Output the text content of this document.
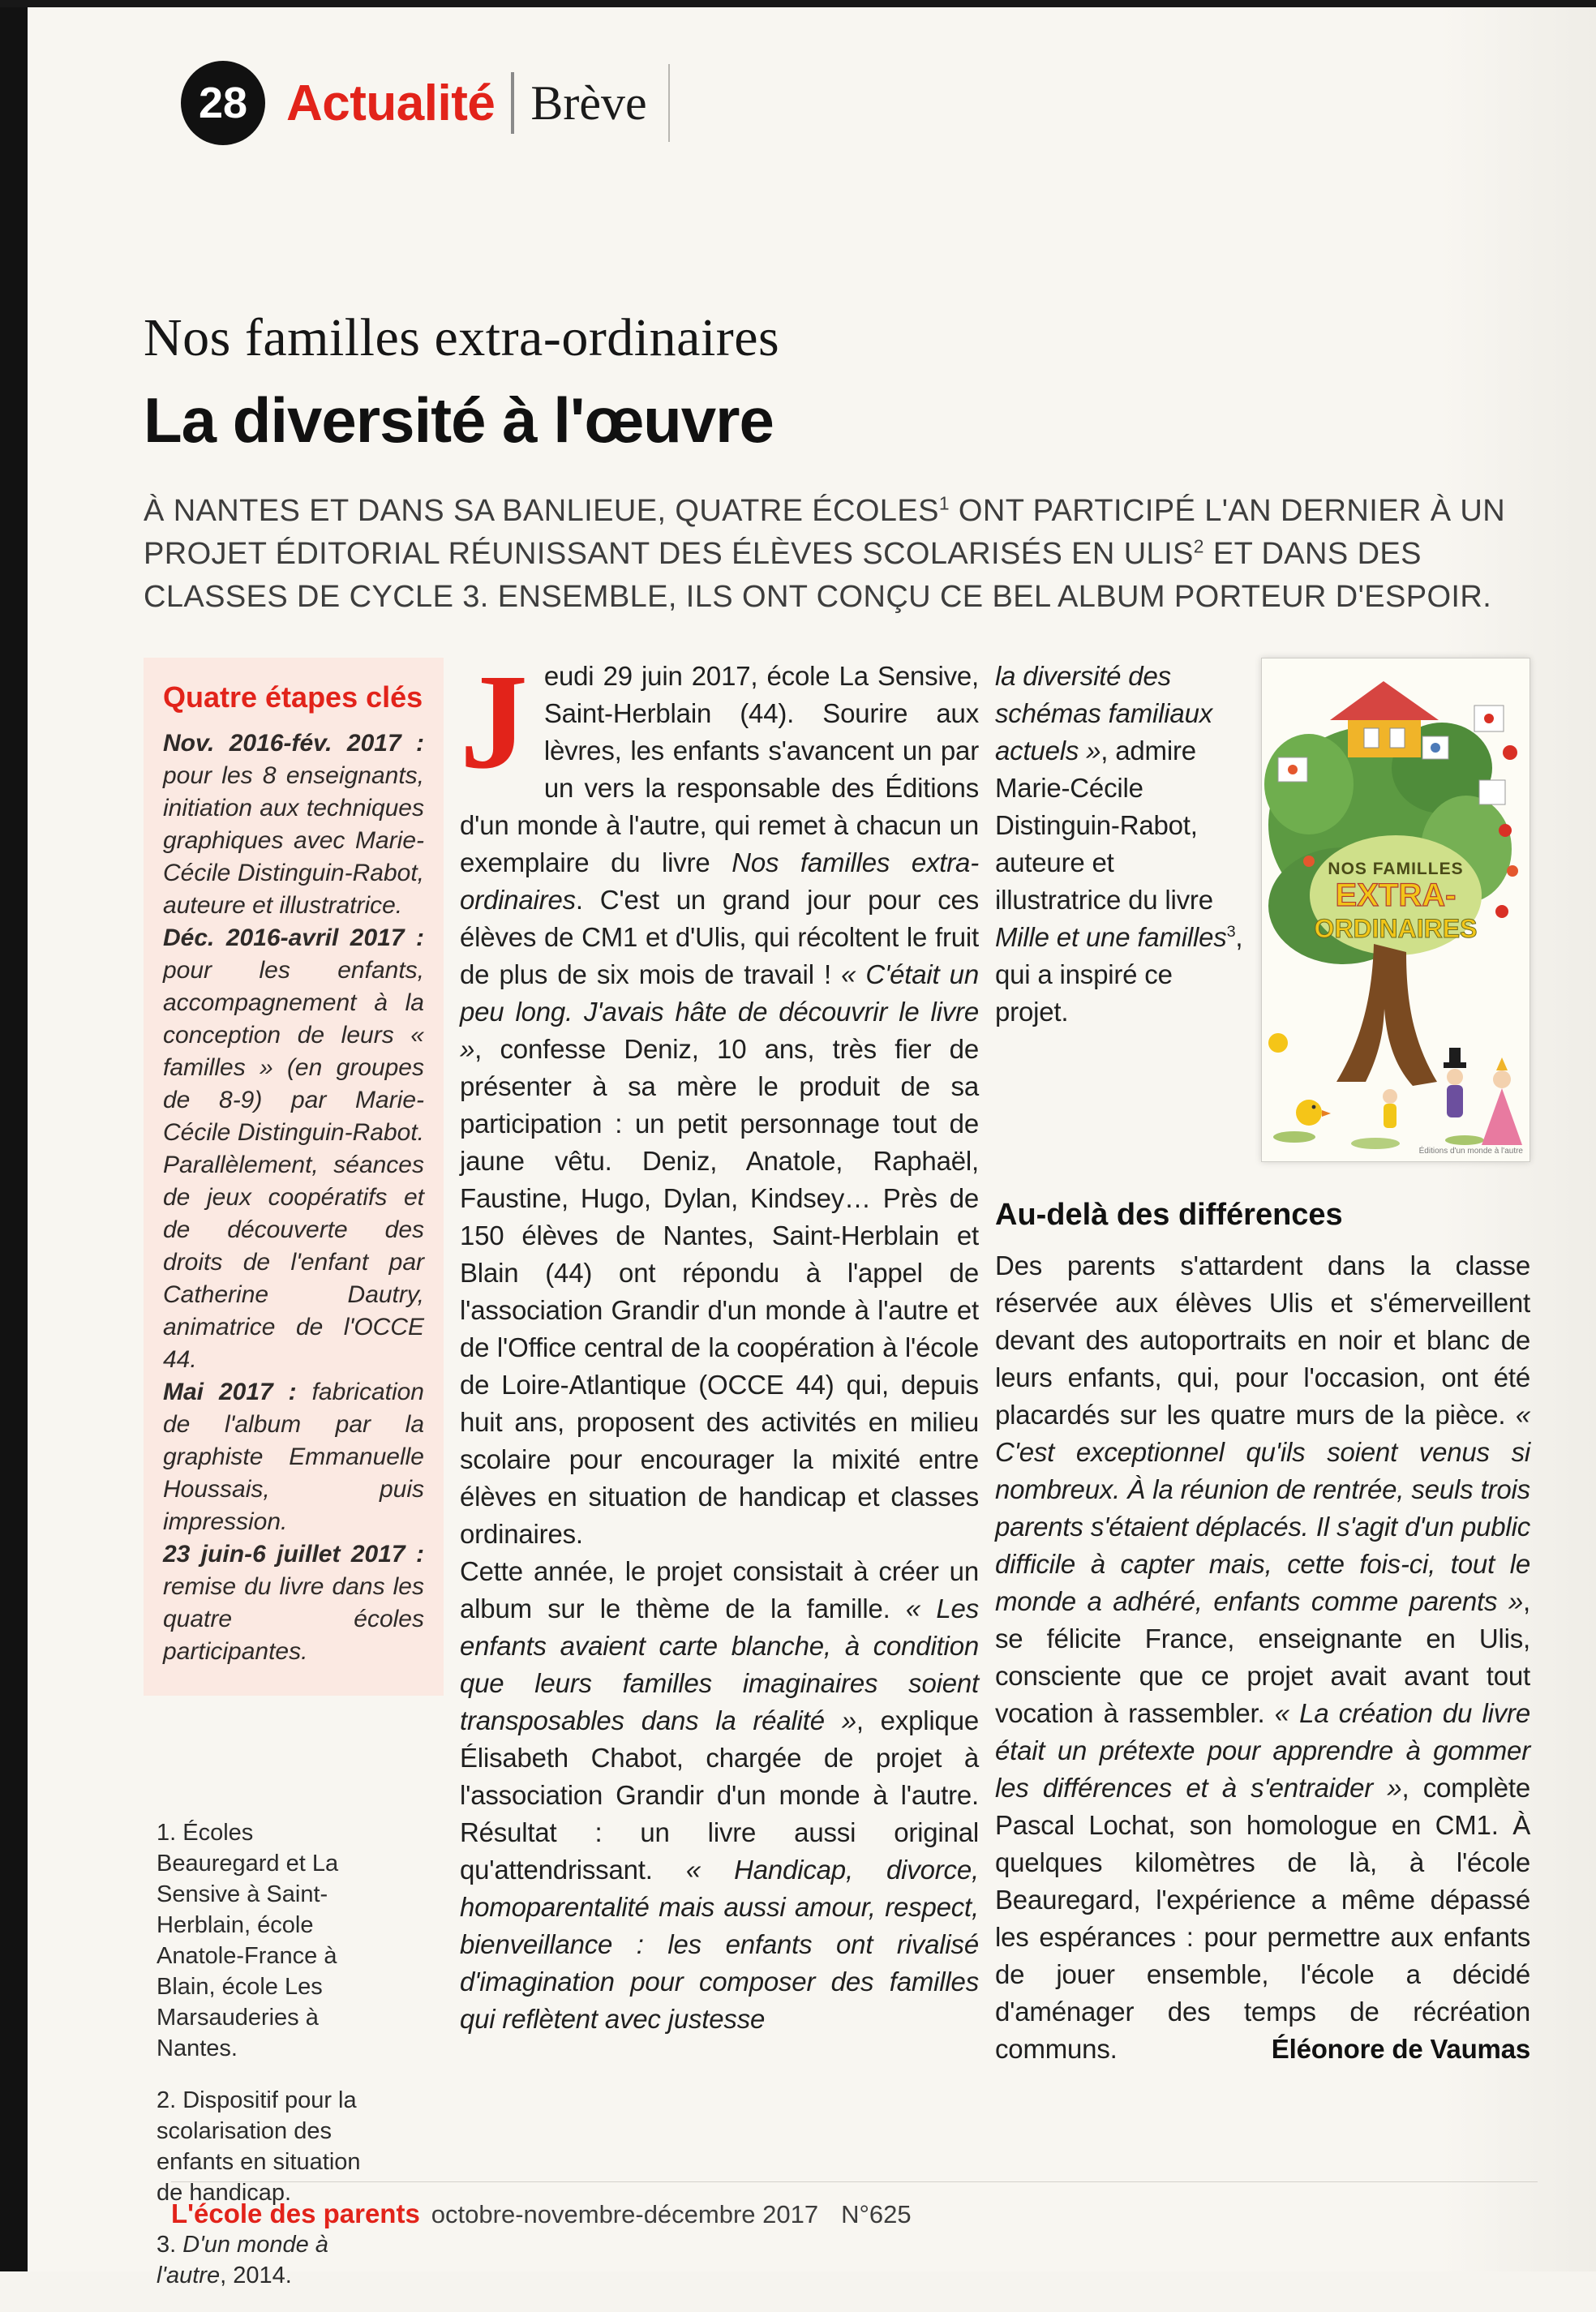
28 Actualité Brève
Nos familles extra-ordinaires
La diversité à l'œuvre

À NANTES ET DANS SA BANLIEUE, QUATRE ÉCOLES$^1$ ONT PARTICIPÉ L'AN DERNIER À UN PROJET ÉDITORIAL RÉUNISSANT DES ÉLÈVES SCOLARISÉS EN ULIS$^2$ ET DANS DES CLASSES DE CYCLE 3. ENSEMBLE, ILS ONT CONÇU CE BEL ALBUM PORTEUR D'ESPOIR.

Quatre étapes clés

Nov. 2016-fév. 2017 : pour les 8 enseignants, initiation aux techniques graphiques avec Marie-Cécile Distinguin-Rabot, auteure et illustratrice.

Déc. 2016-avril 2017 : pour les enfants, accompagnement à la conception de leurs « familles » (en groupes de 8-9) par Marie-Cécile Distinguin-Rabot. Parallèlement, séances de jeux coopératifs et de découverte des droits de l'enfant par Catherine Dautry, animatrice de l'OCCE 44.

Mai 2017 : fabrication de l'album par la graphiste Emmanuelle Houssais, puis impression.

23 juin-6 juillet 2017 : remise du livre dans les quatre écoles participantes.

1. Écoles Beauregard et La Sensive à Saint-Herblain, école Anatole-France à Blain, école Les Marsauderies à Nantes.

2. Dispositif pour la scolarisation des enfants en situation de handicap.

3. D'un monde à l'autre, 2014.

Jeudi 29 juin 2017, école La Sensive, Saint-Herblain (44). Sourire aux lèvres, les enfants s'avancent un par un vers la responsable des Éditions d'un monde à l'autre, qui remet à chacun un exemplaire du livre Nos familles extra-ordinaires. C'est un grand jour pour ces élèves de CM1 et d'Ulis, qui récoltent le fruit de plus de six mois de travail ! « C'était un peu long. J'avais hâte de découvrir le livre », confesse Deniz, 10 ans, très fier de présenter à sa mère le produit de sa participation : un petit personnage tout de jaune vêtu. Deniz, Anatole, Raphaël, Faustine, Hugo, Dylan, Kindsey… Près de 150 élèves de Nantes, Saint-Herblain et Blain (44) ont répondu à l'appel de l'association Grandir d'un monde à l'autre et de l'Office central de la coopération à l'école de Loire-Atlantique (OCCE 44) qui, depuis huit ans, proposent des activités en milieu scolaire pour encourager la mixité entre élèves en situation de handicap et classes ordinaires.

Cette année, le projet consistait à créer un album sur le thème de la famille. « Les enfants avaient carte blanche, à condition que leurs familles imaginaires soient transposables dans la réalité », explique Élisabeth Chabot, chargée de projet à l'association Grandir d'un monde à l'autre. Résultat : un livre aussi original qu'attendrissant. « Handicap, divorce, homoparentalité mais aussi amour, respect, bienveillance : les enfants ont rivalisé d'imagination pour composer des familles qui reflètent avec justesse

la diversité des schémas familiaux actuels », admire Marie-Cécile Distinguin-Rabot, auteure et illustratrice du livre Mille et une familles$^3$, qui a inspiré ce projet.

NOS FAMILLES
EXTRA-
ORDINAIRES
Éditions d'un monde à l'autre
Au-delà des différences

Des parents s'attardent dans la classe réservée aux élèves Ulis et s'émerveillent devant des autoportraits en noir et blanc de leurs enfants, qui, pour l'occasion, ont été placardés sur les quatre murs de la pièce. « C'est exceptionnel qu'ils soient venus si nombreux. À la réunion de rentrée, seuls trois parents s'étaient déplacés. Il s'agit d'un public difficile à capter mais, cette fois-ci, tout le monde a adhéré, enfants comme parents », se félicite France, enseignante en Ulis, consciente que ce projet avait avant tout vocation à rassembler. « La création du livre était un prétexte pour apprendre à gommer les différences et à s'entraider », complète Pascal Lochat, son homologue en CM1. À quelques kilomètres de là, à l'école Beauregard, l'expérience a même dépassé les espérances : pour permettre aux enfants de jouer ensemble, l'école a décidé d'aménager des temps de récréation communs.	Éléonore de Vaumas

L'école des parents octobre-novembre-décembre 2017 N°625
